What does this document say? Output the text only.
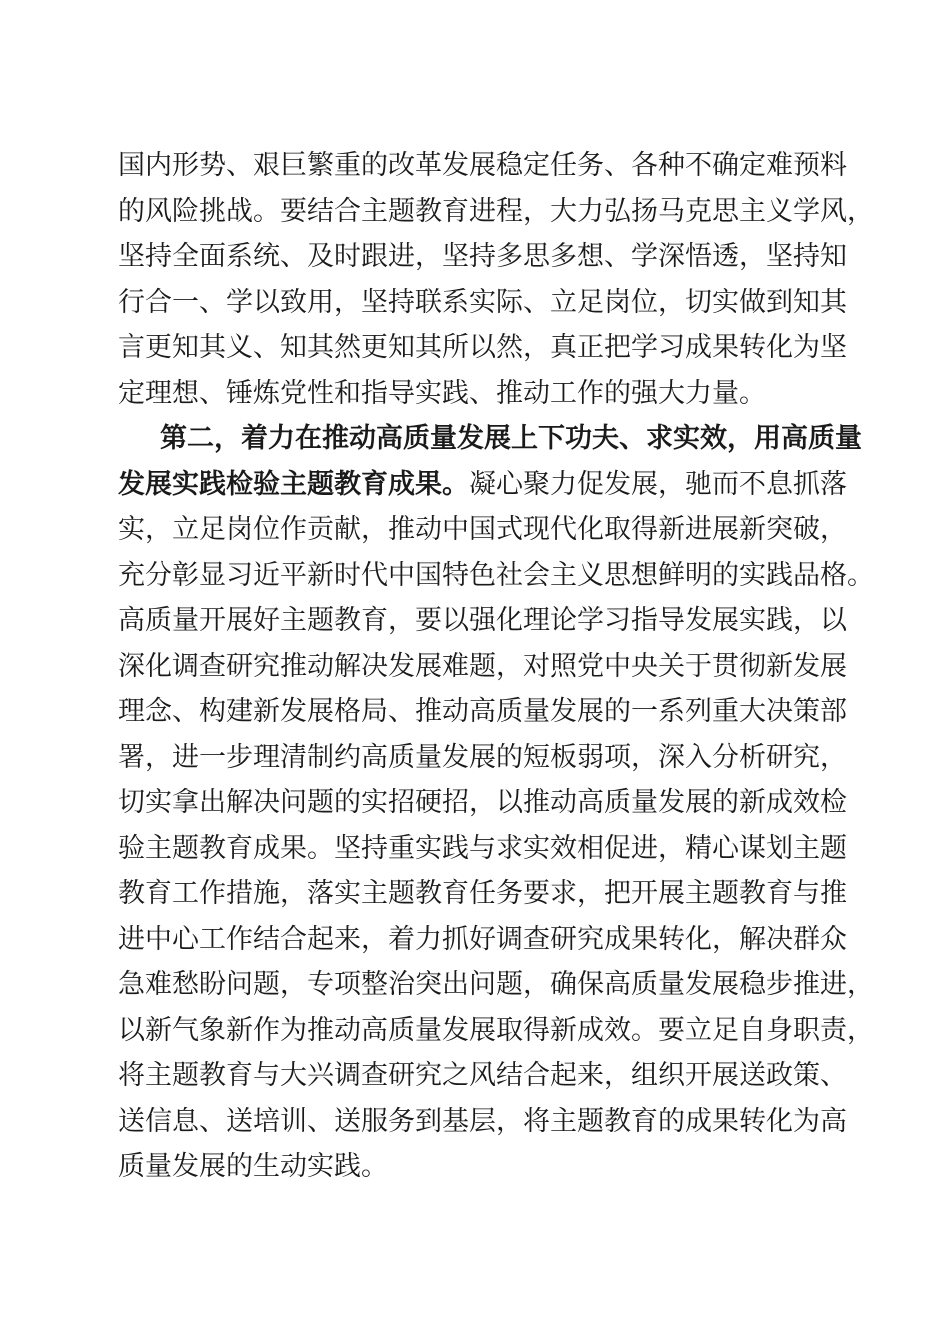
国内形势、艰巨繁重的改革发展稳定任务、各种不确定难预料
的风险挑战。要结合主题教育进程，大力弘扬马克思主义学风，
坚持全面系统、及时跟进，坚持多思多想、学深悟透，坚持知
行合一、学以致用，坚持联系实际、立足岗位，切实做到知其
言更知其义、知其然更知其所以然，真正把学习成果转化为坚
定理想、锤炼党性和指导实践、推动工作的强大力量。
第二，着力在推动高质量发展上下功夫、求实效，用高质量
发展实践检验主题教育成果。凝心聚力促发展，驰而不息抓落
实，立足岗位作贡献，推动中国式现代化取得新进展新突破，
充分彰显习近平新时代中国特色社会主义思想鲜明的实践品格。
高质量开展好主题教育，要以强化理论学习指导发展实践，以
深化调查研究推动解决发展难题，对照党中央关于贯彻新发展
理念、构建新发展格局、推动高质量发展的一系列重大决策部
署，进一步理清制约高质量发展的短板弱项，深入分析研究，
切实拿出解决问题的实招硬招，以推动高质量发展的新成效检
验主题教育成果。坚持重实践与求实效相促进，精心谋划主题
教育工作措施，落实主题教育任务要求，把开展主题教育与推
进中心工作结合起来，着力抓好调查研究成果转化，解决群众
急难愁盼问题，专项整治突出问题，确保高质量发展稳步推进，
以新气象新作为推动高质量发展取得新成效。要立足自身职责，
将主题教育与大兴调查研究之风结合起来，组织开展送政策、
送信息、送培训、送服务到基层，将主题教育的成果转化为高
质量发展的生动实践。
